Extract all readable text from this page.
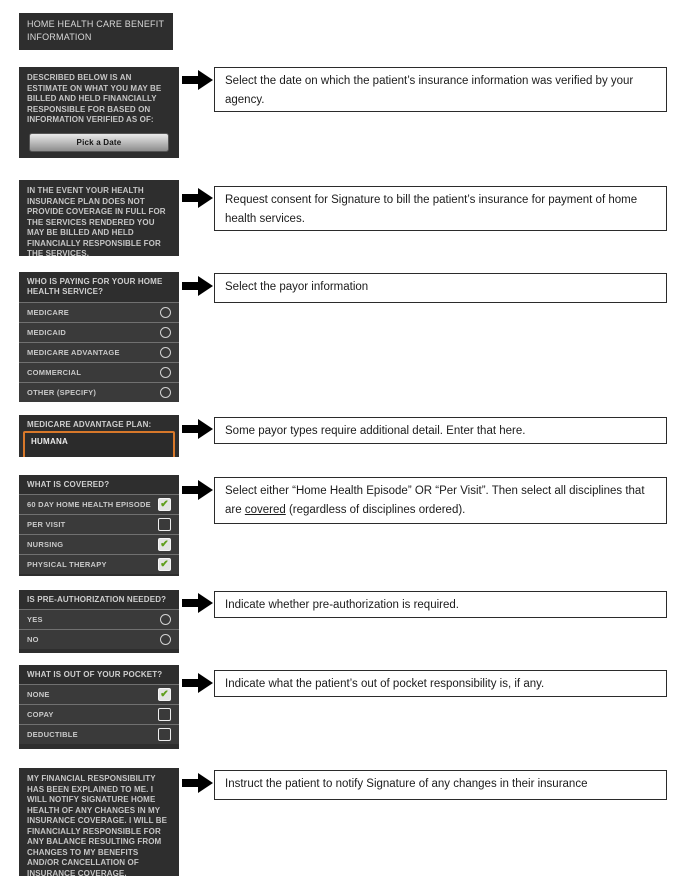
HOME HEALTH CARE BENEFIT INFORMATION
DESCRIBED BELOW IS AN ESTIMATE ON WHAT YOU MAY BE BILLED AND HELD FINANCIALLY RESPONSIBLE FOR BASED ON INFORMATION VERIFIED AS OF:
Pick a Date
Select the date on which the patient’s insurance information was verified by your agency.
IN THE EVENT YOUR HEALTH INSURANCE PLAN DOES NOT PROVIDE COVERAGE IN FULL FOR THE SERVICES RENDERED YOU MAY BE BILLED AND HELD FINANCIALLY RESPONSIBLE FOR THE SERVICES.
Request consent for Signature to bill the patient’s insurance for payment of home health services.
WHO IS PAYING FOR YOUR HOME HEALTH SERVICE?
MEDICARE
MEDICAID
MEDICARE ADVANTAGE
COMMERCIAL
OTHER (SPECIFY)
Select the payor information
MEDICARE ADVANTAGE PLAN:
HUMANA
Some payor types require additional detail. Enter that here.
WHAT IS COVERED?
60 DAY HOME HEALTH EPISODE ✔
PER VISIT
NURSING	✔
PHYSICAL THERAPY	✔
Select either “Home Health Episode” OR “Per Visit”. Then select all disciplines that are covered (regardless of disciplines ordered).
IS PRE-AUTHORIZATION NEEDED?
YES
NO
Indicate whether pre-authorization is required.
WHAT IS OUT OF YOUR POCKET?
NONE	✔
COPAY
DEDUCTIBLE
Indicate what the patient’s out of pocket responsibility is, if any.
MY FINANCIAL RESPONSIBILITY HAS BEEN EXPLAINED TO ME. I WILL NOTIFY SIGNATURE HOME HEALTH OF ANY CHANGES IN MY INSURANCE COVERAGE. I WILL BE FINANCIALLY RESPONSIBLE FOR ANY BALANCE RESULTING FROM CHANGES TO MY BENEFITS AND/OR CANCELLATION OF INSURANCE COVERAGE.
Instruct the patient to notify Signature of any changes in their insurance
